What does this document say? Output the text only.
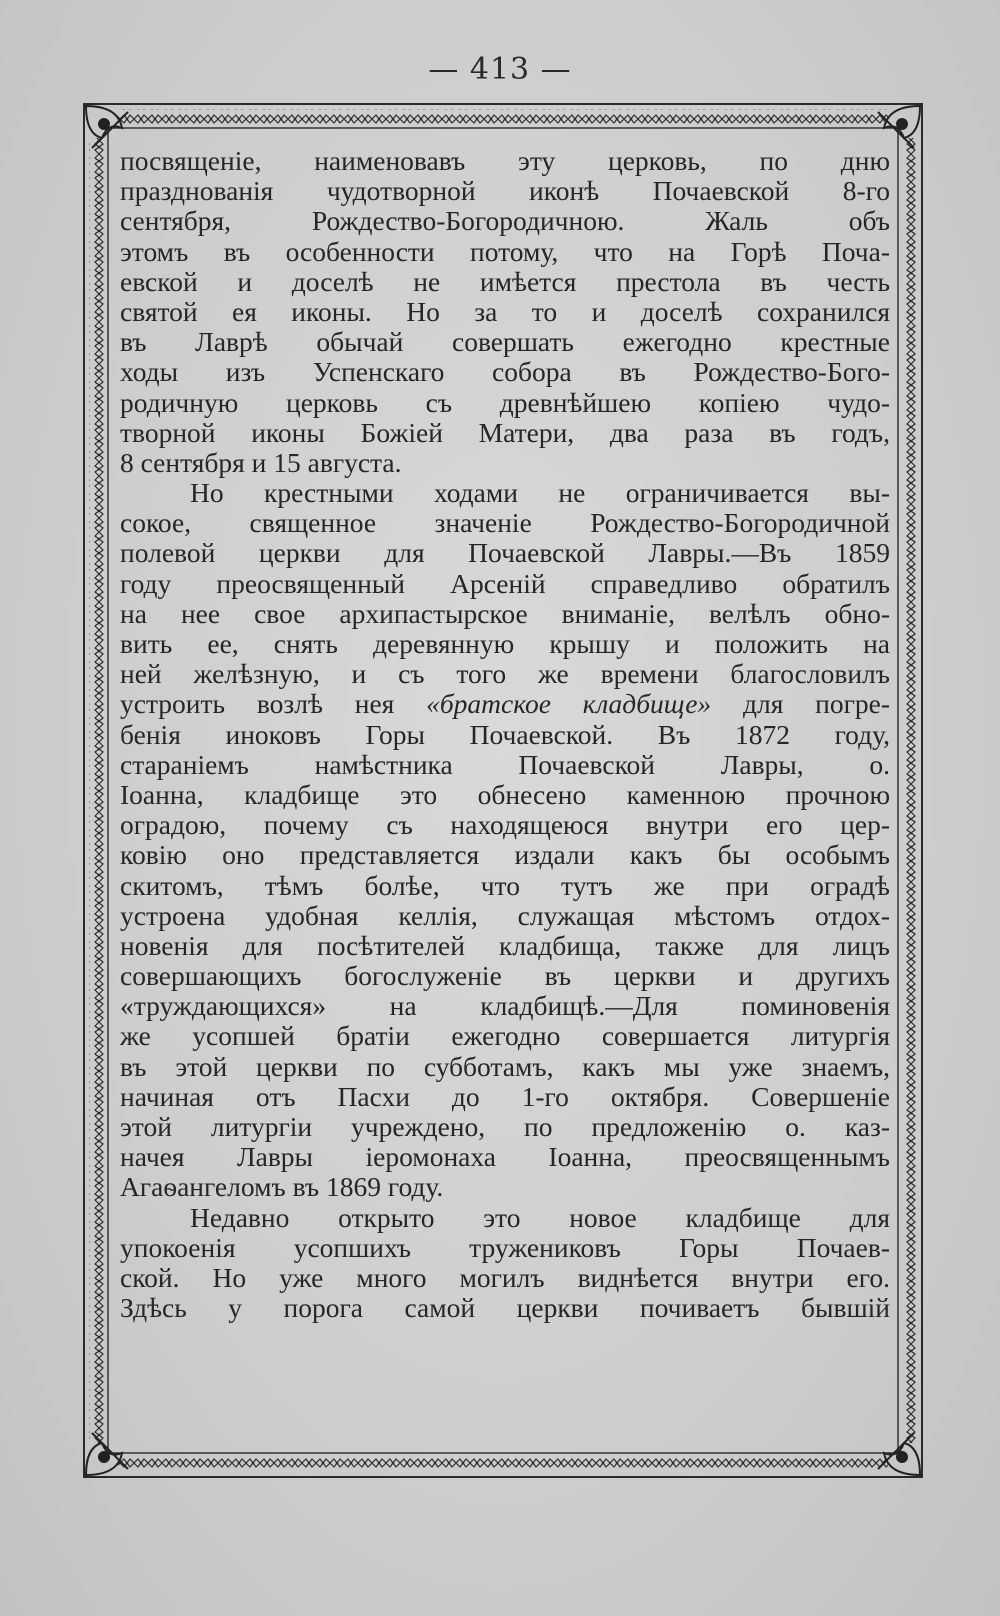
— 413 —
посвященіе, наименовавъ эту церковь, по дню
празднованія чудотворной иконѣ Почаевской 8-го
сентября, Рождество-Богородичною. Жаль объ
этомъ въ особенности потому, что на Горѣ Поча-
евской и доселѣ не имѣется престола въ честь
святой ея иконы. Но за то и доселѣ сохранился
въ Лаврѣ обычай совершать ежегодно крестные
ходы изъ Успенскаго собора въ Рождество-Бого-
родичную церковь съ древнѣйшею копіею чудо-
творной иконы Божіей Матери, два раза въ годъ,
8 сентября и 15 августа.
Но крестными ходами не ограничивается вы-
сокое, священное значеніе Рождество-Богородичной
полевой церкви для Почаевской Лавры.—Въ 1859
году преосвященный Арсеній справедливо обратилъ
на нее свое архипастырское вниманіе, велѣлъ обно-
вить ее, снять деревянную крышу и положить на
ней желѣзную, и съ того же времени благословилъ
устроить возлѣ нея «братское кладбище» для погре-
бенія иноковъ Горы Почаевской. Въ 1872 году,
стараніемъ намѣстника Почаевской Лавры, о.
Іоанна, кладбище это обнесено каменною прочною
оградою, почему съ находящеюся внутри его цер-
ковію оно представляется издали какъ бы особымъ
скитомъ, тѣмъ болѣе, что тутъ же при оградѣ
устроена удобная келлія, служащая мѣстомъ отдох-
новенія для посѣтителей кладбища, также для лицъ
совершающихъ богослуженіе въ церкви и другихъ
«труждающихся» на кладбищѣ.—Для поминовенія
же усопшей братіи ежегодно совершается литургія
въ этой церкви по субботамъ, какъ мы уже знаемъ,
начиная отъ Пасхи до 1-го октября. Совершеніе
этой литургіи учреждено, по предложенію о. каз-
начея Лавры іеромонаха Іоанна, преосвященнымъ
Агаѳангеломъ въ 1869 году.
Недавно открыто это новое кладбище для
упокоенія усопшихъ тружениковъ Горы Почаев-
ской. Но уже много могилъ виднѣется внутри его.
Здѣсь у порога самой церкви почиваетъ бывшій
